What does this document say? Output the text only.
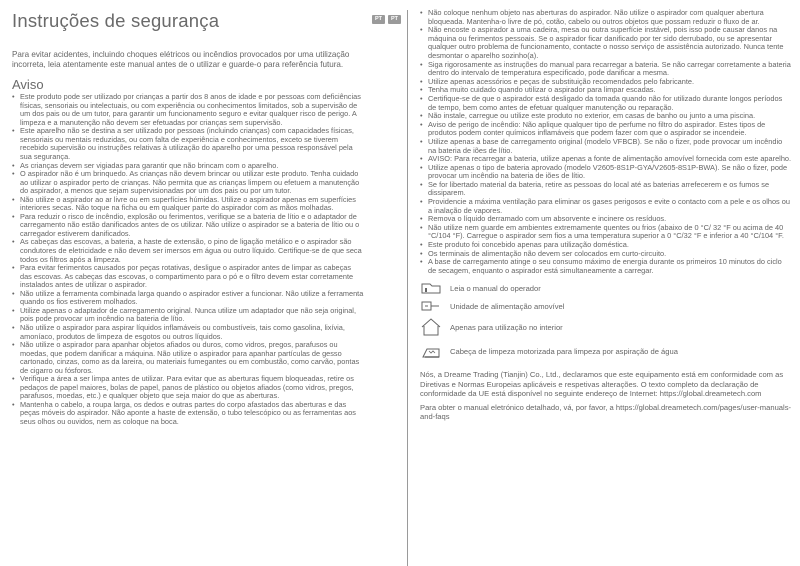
Instruções de segurança

Para evitar acidentes, incluindo choques elétricos ou incêndios provocados por uma utilização incorreta, leia atentamente este manual antes de o utilizar e guarde-o para referência futura.

Aviso
• Este produto pode ser utilizado por crianças a partir dos 8 anos de idade e por pessoas com deficiências físicas, sensoriais ou intelectuais, ou com experiência ou conhecimentos limitados, sob a supervisão de um dos pais ou de um tutor, para garantir um funcionamento seguro e evitar qualquer risco de perigo. A limpeza e a manutenção não devem ser efetuadas por crianças sem supervisão.
• Este aparelho não se destina a ser utilizado por pessoas (incluindo crianças) com capacidades físicas, sensoriais ou mentais reduzidas, ou com falta de experiência e conhecimentos, exceto se tiverem recebido supervisão ou instruções relativas à utilização do aparelho por uma pessoa responsável pela sua segurança.
• As crianças devem ser vigiadas para garantir que não brincam com o aparelho.
• O aspirador não é um brinquedo. As crianças não devem brincar ou utilizar este produto. Tenha cuidado ao utilizar o aspirador perto de crianças. Não permita que as crianças limpem ou efetuem a manutenção do aspirador, a menos que sejam supervisionadas por um dos pais ou por um tutor.
• Não utilize o aspirador ao ar livre ou em superfícies húmidas. Utilize o aspirador apenas em superfícies interiores secas. Não toque na ficha ou em qualquer parte do aspirador com as mãos molhadas.
• Para reduzir o risco de incêndio, explosão ou ferimentos, verifique se a bateria de lítio e o adaptador de carregamento não estão danificados antes de os utilizar. Não utilize o aspirador se a bateria de lítio ou o carregador estiverem danificados.
• As cabeças das escovas, a bateria, a haste de extensão, o pino de ligação metálico e o aspirador são condutores de eletricidade e não devem ser imersos em água ou outro líquido. Certifique-se de que seca todos os filtros após a limpeza.
• Para evitar ferimentos causados por peças rotativas, desligue o aspirador antes de limpar as cabeças das escovas. As cabeças das escovas, o compartimento para o pó e o filtro devem estar corretamente instalados antes de utilizar o aspirador.
• Não utilize a ferramenta combinada larga quando o aspirador estiver a funcionar. Não utilize a ferramenta quando os fios estiverem molhados.
• Utilize apenas o adaptador de carregamento original. Nunca utilize um adaptador que não seja original, pois pode provocar um incêndio na bateria de lítio.
• Não utilize o aspirador para aspirar líquidos inflamáveis ou combustíveis, tais como gasolina, lixívia, amoníaco, produtos de limpeza de esgotos ou outros líquidos.
• Não utilize o aspirador para apanhar objetos afiados ou duros, como vidros, pregos, parafusos ou moedas, que podem danificar a máquina. Não utilize o aspirador para apanhar partículas de gesso cartonado, cinzas, como as da lareira, ou materiais fumegantes ou em combustão, como carvão, pontas de cigarro ou fósforos.
• Verifique a área a ser limpa antes de utilizar. Para evitar que as aberturas fiquem bloqueadas, retire os pedaços de papel maiores, bolas de papel, panos de plástico ou objetos afiados (como vidros, pregos, parafusos, moedas, etc.) e qualquer objeto que seja maior do que as aberturas.
• Mantenha o cabelo, a roupa larga, os dedos e outras partes do corpo afastados das aberturas e das peças móveis do aspirador. Não aponte a haste de extensão, o tubo telescópico ou as ferramentas aos seus olhos ou ouvidos, nem as coloque na boca.
PT	PT
• Não coloque nenhum objeto nas aberturas do aspirador. Não utilize o aspirador com qualquer abertura bloqueada. Mantenha-o livre de pó, cotão, cabelo ou outros objetos que possam reduzir o fluxo de ar.
• Não encoste o aspirador a uma cadeira, mesa ou outra superfície instável, pois isso pode causar danos na máquina ou ferimentos pessoais. Se o aspirador ficar danificado por ter sido derrubado, ou se apresentar qualquer outro problema de funcionamento, contacte o nosso serviço de assistência autorizado. Nunca tente desmontar o aparelho sozinho(a).
• Siga rigorosamente as instruções do manual para recarregar a bateria. Se não carregar corretamente a bateria dentro do intervalo de temperatura especificado, pode danificar a mesma.
• Utilize apenas acessórios e peças de substituição recomendados pelo fabricante.
• Tenha muito cuidado quando utilizar o aspirador para limpar escadas.
• Certifique-se de que o aspirador está desligado da tomada quando não for utilizado durante longos períodos de tempo, bem como antes de efetuar qualquer manutenção ou reparação.
• Não instale, carregue ou utilize este produto no exterior, em casas de banho ou junto a uma piscina.
• Aviso de perigo de incêndio: Não aplique qualquer tipo de perfume no filtro do aspirador. Estes tipos de produtos podem conter químicos inflamáveis que podem fazer com que o aspirador se incendeie.
• Utilize apenas a base de carregamento original (modelo VFBCB). Se não o fizer, pode provocar um incêndio na bateria de iões de lítio.
• AVISO: Para recarregar a bateria, utilize apenas a fonte de alimentação amovível fornecida com este aparelho.
• Utilize apenas o tipo de bateria aprovado (modelo V2605-8S1P-GYA/V2605-8S1P-BWA). Se não o fizer, pode provocar um incêndio na bateria de iões de lítio.
• Se for libertado material da bateria, retire as pessoas do local até as baterias arrefecerem e os fumos se dissiparem.
• Providencie a máxima ventilação para eliminar os gases perigosos e evite o contacto com a pele e os olhos ou a inalação de vapores.
• Remova o líquido derramado com um absorvente e incinere os resíduos.
• Não utilize nem guarde em ambientes extremamente quentes ou frios (abaixo de 0 °C/ 32 °F ou acima de 40 °C/104 °F). Carregue o aspirador sem fios a uma temperatura superior a 0 °C/32 °F e inferior a 40 °C/104 °F.
• Este produto foi concebido apenas para utilização doméstica.
• Os terminais de alimentação não devem ser colocados em curto-circuito.
• A base de carregamento atinge o seu consumo máximo de energia durante os primeiros 10 minutos do ciclo de secagem, enquanto o aspirador está simultaneamente a carregar.
Leia o manual do operador
Unidade de alimentação amovível
Apenas para utilização no interior
Cabeça de limpeza motorizada para limpeza por aspiração de água

Nós, a Dreame Trading (Tianjin) Co., Ltd., declaramos que este equipamento está em conformidade com as Diretivas e Normas Europeias aplicáveis e respetivas alterações. O texto completo da declaração de conformidade da UE está disponível no seguinte endereço de Internet: https://global.dreametech.com

Para obter o manual eletrónico detalhado, vá, por favor, a https://global.dreametech.com/pages/user-manuals-and-faqs
